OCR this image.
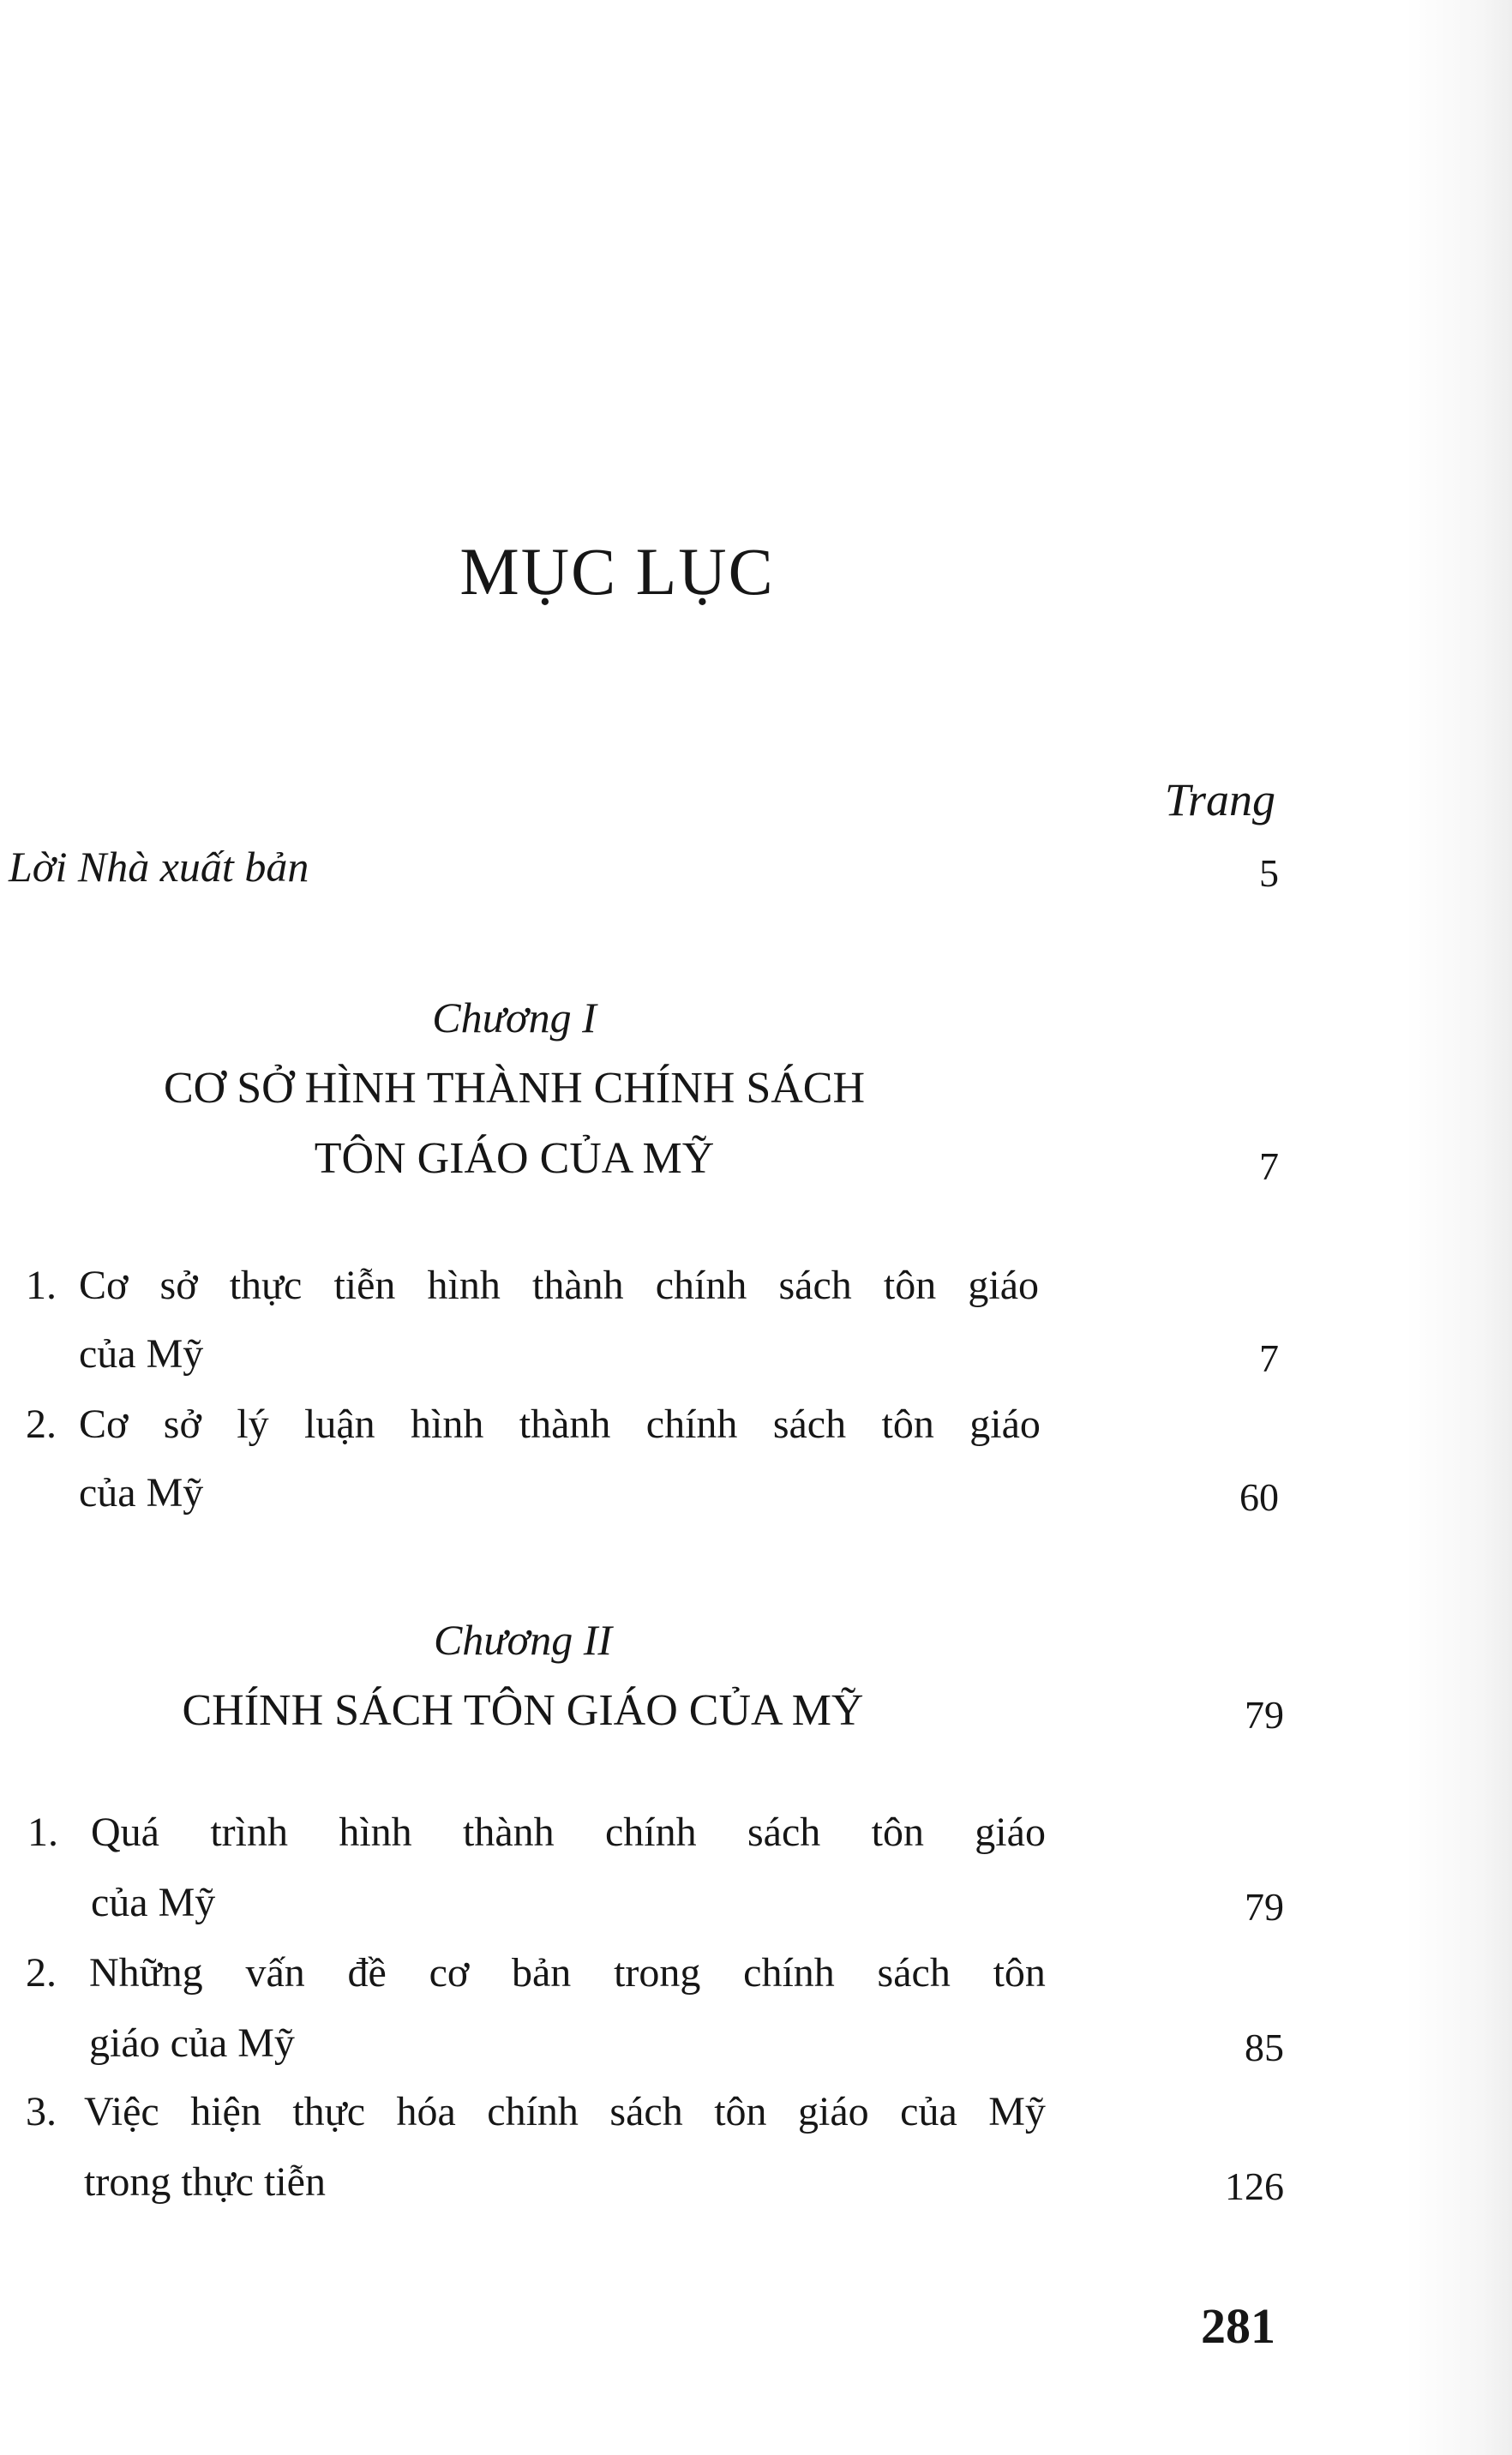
MỤC LỤC
Trang
Lời Nhà xuất bản	5
Chương I
CƠ SỞ HÌNH THÀNH CHÍNH SÁCH
TÔN GIÁO CỦA MỸ	7
1. Cơ sở thực tiễn hình thành chính sách tôn giáo
của Mỹ	7
2. Cơ sở lý luận hình thành chính sách tôn giáo
của Mỹ	60
Chương II
CHÍNH SÁCH TÔN GIÁO CỦA MỸ	79
1. Quá trình hình thành chính sách tôn giáo
của Mỹ	79
2. Những vấn đề cơ bản trong chính sách tôn
giáo của Mỹ	85
3. Việc hiện thực hóa chính sách tôn giáo của Mỹ
trong thực tiễn	126
281
